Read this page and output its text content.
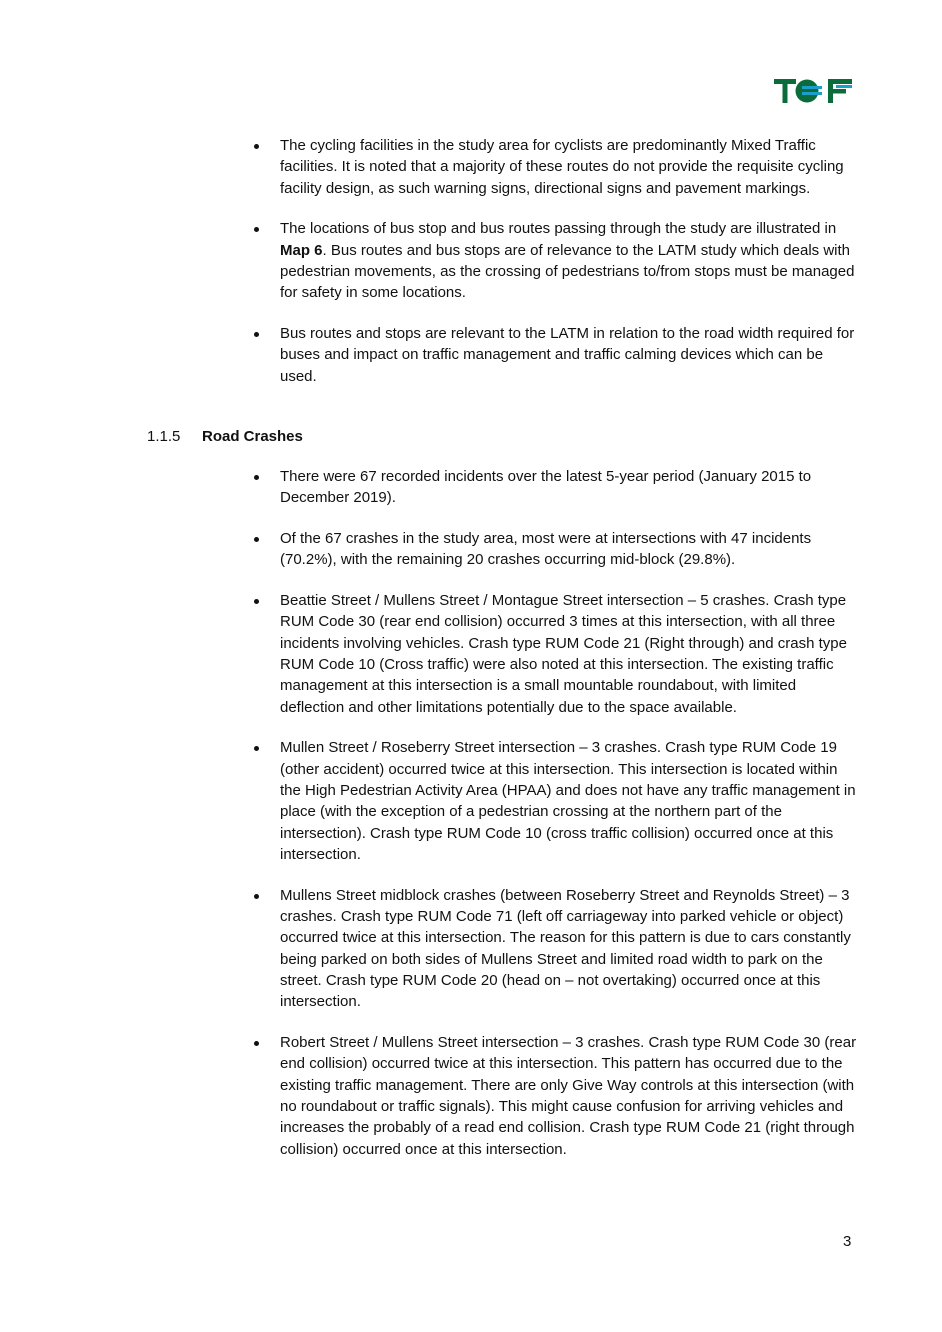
The cycling facilities in the study area for cyclists are predominantly Mixed Traffic facilities. It is noted that a majority of these routes do not provide the requisite cycling facility design, as such warning signs, directional signs and pavement markings.
The locations of bus stop and bus routes passing through the study are illustrated in Map 6. Bus routes and bus stops are of relevance to the LATM study which deals with pedestrian movements, as the crossing of pedestrians to/from stops must be managed for safety in some locations.
Bus routes and stops are relevant to the LATM in relation to the road width required for buses and impact on traffic management and traffic calming devices which can be used.
1.1.5 Road Crashes
There were 67 recorded incidents over the latest 5-year period (January 2015 to December 2019).
Of the 67 crashes in the study area, most were at intersections with 47 incidents (70.2%), with the remaining 20 crashes occurring mid-block (29.8%).
Beattie Street / Mullens Street / Montague Street intersection – 5 crashes. Crash type RUM Code 30 (rear end collision) occurred 3 times at this intersection, with all three incidents involving vehicles. Crash type RUM Code 21 (Right through) and crash type RUM Code 10 (Cross traffic) were also noted at this intersection. The existing traffic management at this intersection is a small mountable roundabout, with limited deflection and other limitations potentially due to the space available.
Mullen Street / Roseberry Street intersection – 3 crashes. Crash type RUM Code 19 (other accident) occurred twice at this intersection. This intersection is located within the High Pedestrian Activity Area (HPAA) and does not have any traffic management in place (with the exception of a pedestrian crossing at the northern part of the intersection). Crash type RUM Code 10 (cross traffic collision) occurred once at this intersection.
Mullens Street midblock crashes (between Roseberry Street and Reynolds Street) – 3 crashes. Crash type RUM Code 71 (left off carriageway into parked vehicle or object) occurred twice at this intersection. The reason for this pattern is due to cars constantly being parked on both sides of Mullens Street and limited road width to park on the street. Crash type RUM Code 20 (head on – not overtaking) occurred once at this intersection.
Robert Street / Mullens Street intersection – 3 crashes. Crash type RUM Code 30 (rear end collision) occurred twice at this intersection. This pattern has occurred due to the existing traffic management. There are only Give Way controls at this intersection (with no roundabout or traffic signals). This might cause confusion for arriving vehicles and increases the probably of a read end collision. Crash type RUM Code 21 (right through collision) occurred once at this intersection.
3
